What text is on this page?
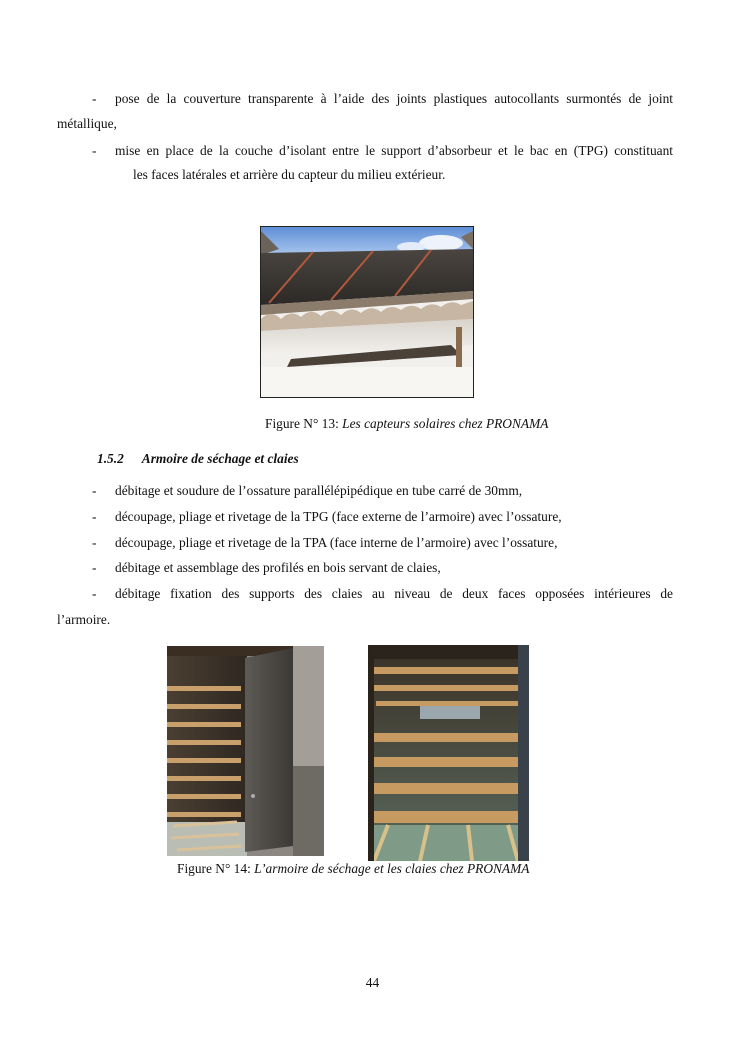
- pose de la couverture transparente à l’aide des joints plastiques autocollants surmontés de joint
métallique,
- mise en place de la couche d’isolant entre le support d’absorbeur et le bac en (TPG) constituant
les faces latérales et arrière du capteur du milieu extérieur.
Figure N° 13: Les capteurs solaires chez PRONAMA
1.5.2 Armoire de séchage et claies
- débitage et soudure de l’ossature parallélépipédique en tube carré de 30mm,
- découpage, pliage et rivetage de la TPG (face externe de l’armoire) avec l’ossature,
- découpage, pliage et rivetage de la TPA (face interne de l’armoire) avec l’ossature,
- débitage et assemblage des profilés en bois servant de claies,
- débitage fixation des supports des claies au niveau de deux faces opposées intérieures de
l’armoire.
Figure N° 14: L’armoire de séchage et les claies chez PRONAMA
44
